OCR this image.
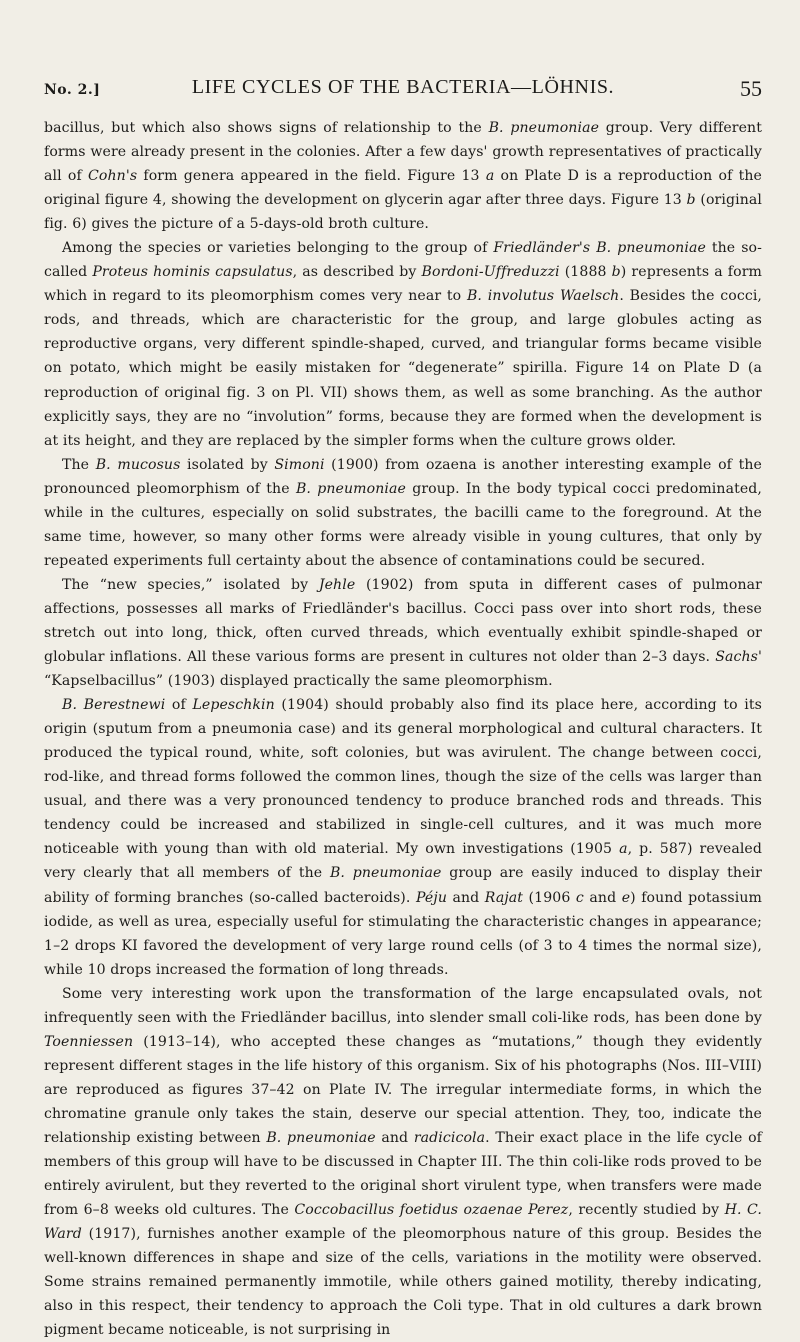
No. 2.]	LIFE CYCLES OF THE BACTERIA—LÖHNIS.	55

bacillus, but which also shows signs of relationship to the B. pneumoniae group. Very different forms were already present in the colonies. After a few days' growth representatives of practically all of Cohn's form genera appeared in the field. Figure 13 a on Plate D is a reproduction of the original figure 4, showing the development on glycerin agar after three days. Figure 13 b (original fig. 6) gives the picture of a 5-days-old broth culture.

Among the species or varieties belonging to the group of Friedländer's B. pneumoniae the so-called Proteus hominis capsulatus, as described by Bordoni-Uffreduzzi (1888 b) represents a form which in regard to its pleomorphism comes very near to B. involutus Waelsch. Besides the cocci, rods, and threads, which are characteristic for the group, and large globules acting as reproductive organs, very different spindle-shaped, curved, and triangular forms became visible on potato, which might be easily mistaken for “degenerate” spirilla. Figure 14 on Plate D (a reproduction of original fig. 3 on Pl. VII) shows them, as well as some branching. As the author explicitly says, they are no “involution” forms, because they are formed when the development is at its height, and they are replaced by the simpler forms when the culture grows older.

The B. mucosus isolated by Simoni (1900) from ozaena is another interesting example of the pronounced pleomorphism of the B. pneumoniae group. In the body typical cocci predominated, while in the cultures, especially on solid substrates, the bacilli came to the foreground. At the same time, however, so many other forms were already visible in young cultures, that only by repeated experiments full certainty about the absence of contaminations could be secured.

The “new species,” isolated by Jehle (1902) from sputa in different cases of pulmonar affections, possesses all marks of Friedländer's bacillus. Cocci pass over into short rods, these stretch out into long, thick, often curved threads, which eventually exhibit spindle-shaped or globular inflations. All these various forms are present in cultures not older than 2–3 days. Sachs' “Kapselbacillus” (1903) displayed practically the same pleomorphism.

B. Berestnewi of Lepeschkin (1904) should probably also find its place here, according to its origin (sputum from a pneumonia case) and its general morphological and cultural characters. It produced the typical round, white, soft colonies, but was avirulent. The change between cocci, rod-like, and thread forms followed the common lines, though the size of the cells was larger than usual, and there was a very pronounced tendency to produce branched rods and threads. This tendency could be increased and stabilized in single-cell cultures, and it was much more noticeable with young than with old material. My own investigations (1905 a, p. 587) revealed very clearly that all members of the B. pneumoniae group are easily induced to display their ability of forming branches (so-called bacteroids). Péju and Rajat (1906 c and e) found potassium iodide, as well as urea, especially useful for stimulating the characteristic changes in appearance; 1–2 drops KI favored the development of very large round cells (of 3 to 4 times the normal size), while 10 drops increased the formation of long threads.

Some very interesting work upon the transformation of the large encapsulated ovals, not infrequently seen with the Friedländer bacillus, into slender small coli-like rods, has been done by Toenniessen (1913–14), who accepted these changes as “mutations,” though they evidently represent different stages in the life history of this organism. Six of his photographs (Nos. III–VIII) are reproduced as figures 37–42 on Plate IV. The irregular intermediate forms, in which the chromatine granule only takes the stain, deserve our special attention. They, too, indicate the relationship existing between B. pneumoniae and radicicola. Their exact place in the life cycle of members of this group will have to be discussed in Chapter III. The thin coli-like rods proved to be entirely avirulent, but they reverted to the original short virulent type, when transfers were made from 6–8 weeks old cultures. The Coccobacillus foetidus ozaenae Perez, recently studied by H. C. Ward (1917), furnishes another example of the pleomorphous nature of this group. Besides the well-known differences in shape and size of the cells, variations in the motility were observed. Some strains remained permanently immotile, while others gained motility, thereby indicating, also in this respect, their tendency to approach the Coli type. That in old cultures a dark brown pigment became noticeable, is not surprising in
